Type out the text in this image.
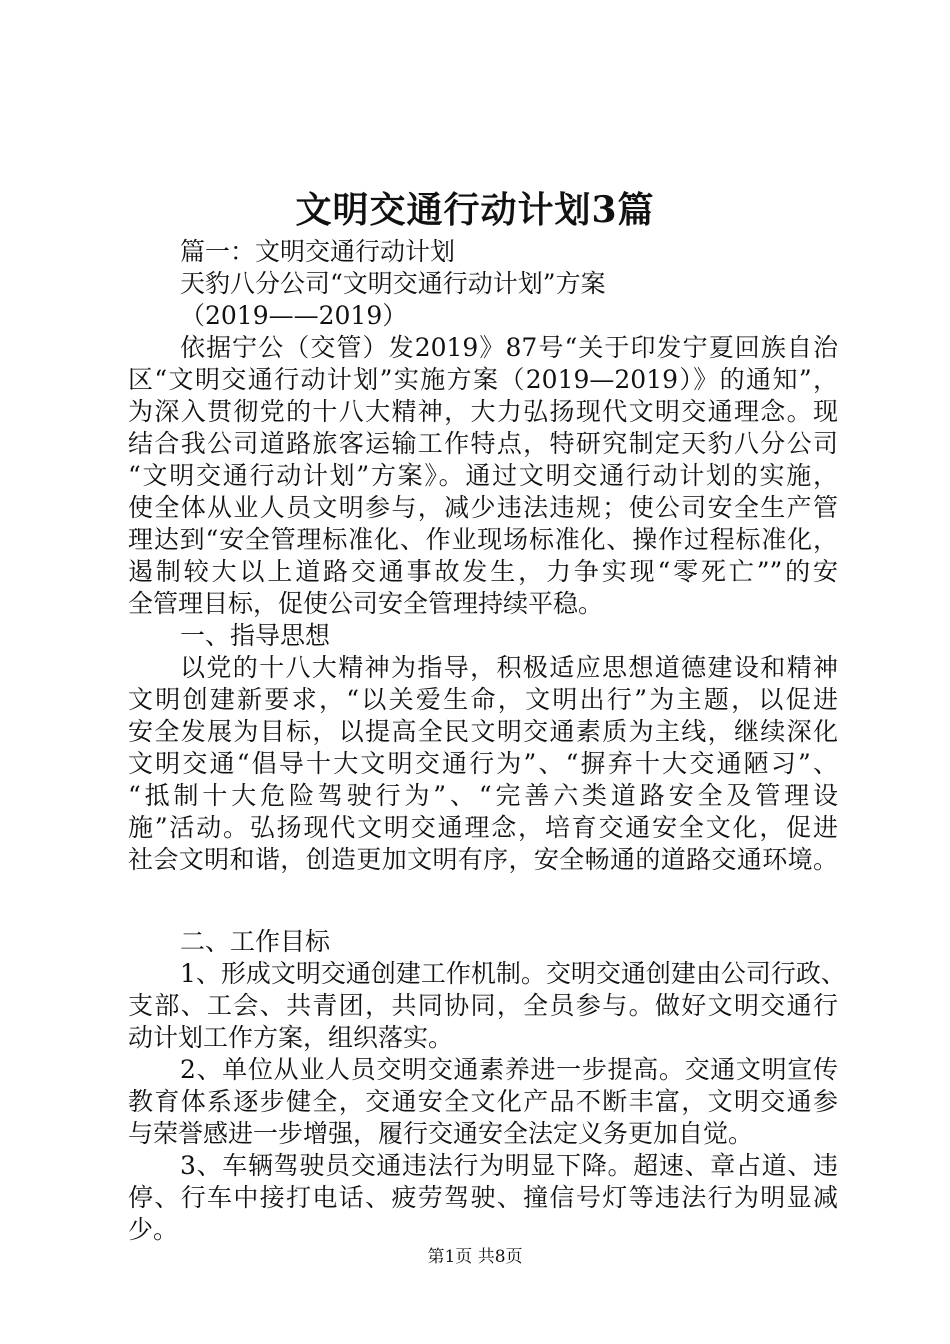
文明交通行动计划3篇
篇一：文明交通行动计划
天豹八分公司“文明交通行动计划”方案
（2019——2019）
依据宁公（交管）发2019》87号“关于印发宁夏回族自治
区“文明交通行动计划”实施方案（2019—2019）》的通知”，
为深入贯彻党的十八大精神，大力弘扬现代文明交通理念。现
结合我公司道路旅客运输工作特点，特研究制定天豹八分公司
“文明交通行动计划”方案》。通过文明交通行动计划的实施，
使全体从业人员文明参与，减少违法违规；使公司安全生产管
理达到“安全管理标准化、作业现场标准化、操作过程标准化，
遏制较大以上道路交通事故发生，力争实现“零死亡””的安
全管理目标，促使公司安全管理持续平稳。
一、指导思想
以党的十八大精神为指导，积极适应思想道德建设和精神
文明创建新要求，“以关爱生命，文明出行”为主题，以促进
安全发展为目标，以提高全民文明交通素质为主线，继续深化
文明交通“倡导十大文明交通行为”、“摒弃十大交通陋习”、
“抵制十大危险驾驶行为”、“完善六类道路安全及管理设
施”活动。弘扬现代文明交通理念，培育交通安全文化，促进
社会文明和谐，创造更加文明有序，安全畅通的道路交通环境。
二、工作目标
1、形成文明交通创建工作机制。交明交通创建由公司行政、
支部、工会、共青团，共同协同，全员参与。做好文明交通行
动计划工作方案，组织落实。
2、单位从业人员交明交通素养进一步提高。交通文明宣传
教育体系逐步健全，交通安全文化产品不断丰富，文明交通参
与荣誉感进一步增强，履行交通安全法定义务更加自觉。
3、车辆驾驶员交通违法行为明显下降。超速、章占道、违
停、行车中接打电话、疲劳驾驶、撞信号灯等违法行为明显减
少。
第1页 共8页
